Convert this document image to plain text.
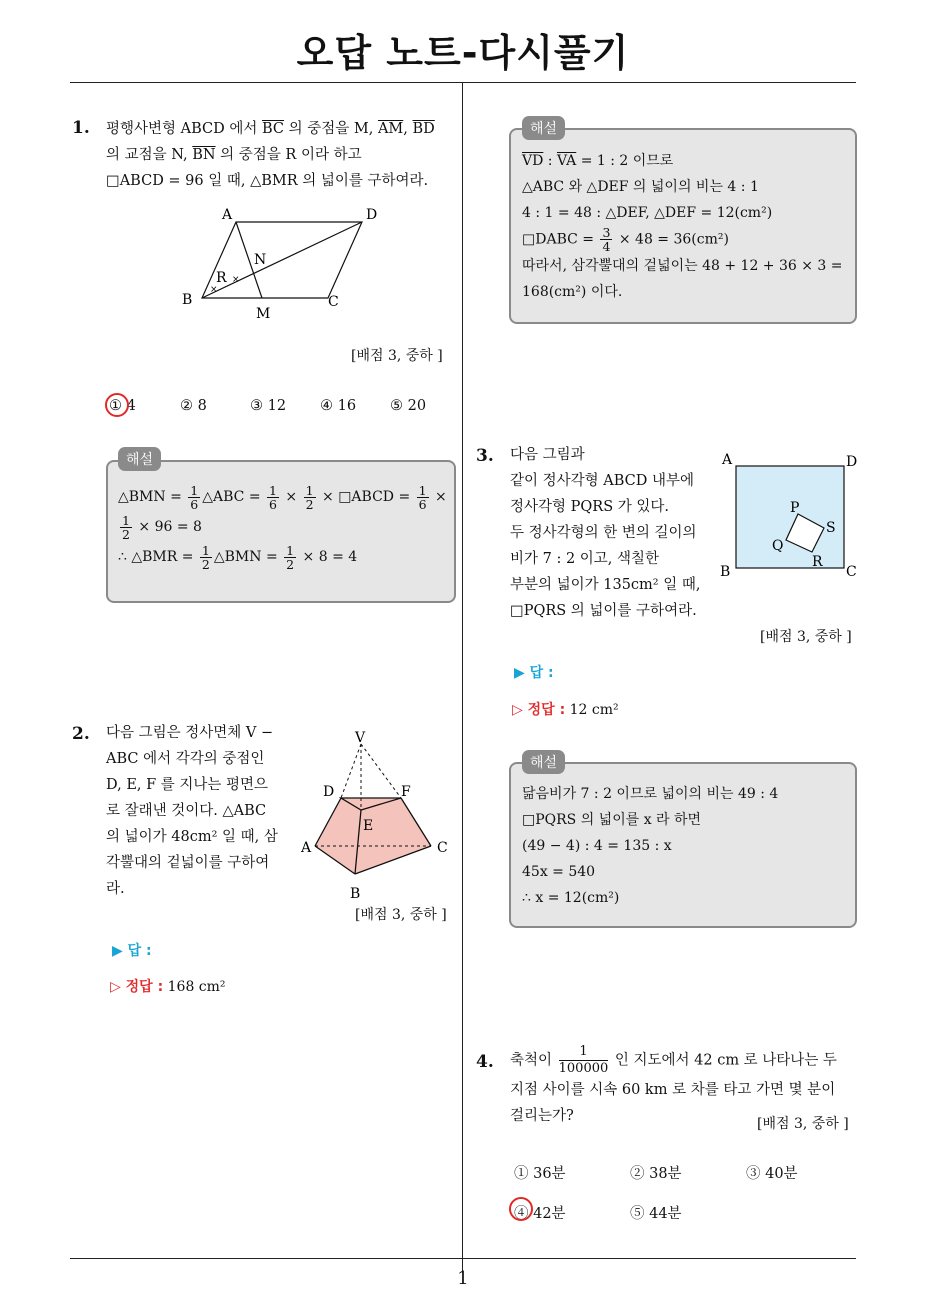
오답 노트-다시풀기
1
1. 평행사변형 ABCD 에서 $\overline{BC}$ 의 중점을 M, $\overline{AM}$, $\overline{BD}$
의 교점을 N, $\overline{BN}$ 의 중점을 R 이라 하고
□ABCD = 96 일 때, △BMR 의 넓이를 구하여라.
×
×
A	D
N
R
B	C
M
[배점 3, 중하 ]
① 4	② 8	③ 12 ④ 16 ⑤ 20
해설
△BMN = $\frac{1}{6}$ △ABC = $\frac{1}{6} \times \frac{1}{2}$ × □ABCD = $\frac{1}{6}$ ×
$\frac{1}{2} \times 96 = 8$
∴ △BMR = $\frac{1}{2}$ △BMN = $\frac{1}{2} \times 8 = 4$
2. 다음 그림은 정사면체 V −
ABC 에서 각각의 중점인
D, E, F 를 지나는 평면으
로 잘래낸 것이다. △ABC
의 넓이가 48cm² 일 때, 삼
각뿔대의 겉넓이를 구하여
라.
V
D	F
E
A	C
B
[배점 3, 중하 ]
▶ 답 :
▷ 정답 : 168 cm²
해설
$\overline{VD}$ : $\overline{VA} = 1$ : 2 이므로
△ABC 와 △DEF 의 넓이의 비는 4 : 1
4 : 1 = 48 : △DEF, △DEF = 12(cm²)
□DABC = $\frac{3}{4} \times 48 = 36(cm^2)$
따라서, 삼각뿔대의 겉넓이는 48 + 12 + 36 × 3 =
168(cm²) 이다.
3. 다음 그림과
같이 정사각형 ABCD 내부에
정사각형 PQRS 가 있다.
두 정사각형의 한 변의 길이의
비가 7 : 2 이고, 색칠한
부분의 넓이가 135cm² 일 때,
□PQRS 의 넓이를 구하여라.
A	D
P
S
Q
R
B	C
[배점 3, 중하 ]
▶ 답 :
▷ 정답 : 12 cm²
해설
닮음비가 7 : 2 이므로 넓이의 비는 49 : 4
□PQRS 의 넓이를 x 라 하면
(49 − 4) : 4 = 135 : x
45x = 540
∴ x = 12(cm²)
4. 축척이 $\frac{1}{100000}$ 인 지도에서 42 cm 로 나타나는 두
지점 사이를 시속 60 km 로 차를 타고 가면 몇 분이
걸리는가?	[배점 3, 중하 ]
① 36분	② 38분	③ 40분
④ 42분	⑤ 44분
